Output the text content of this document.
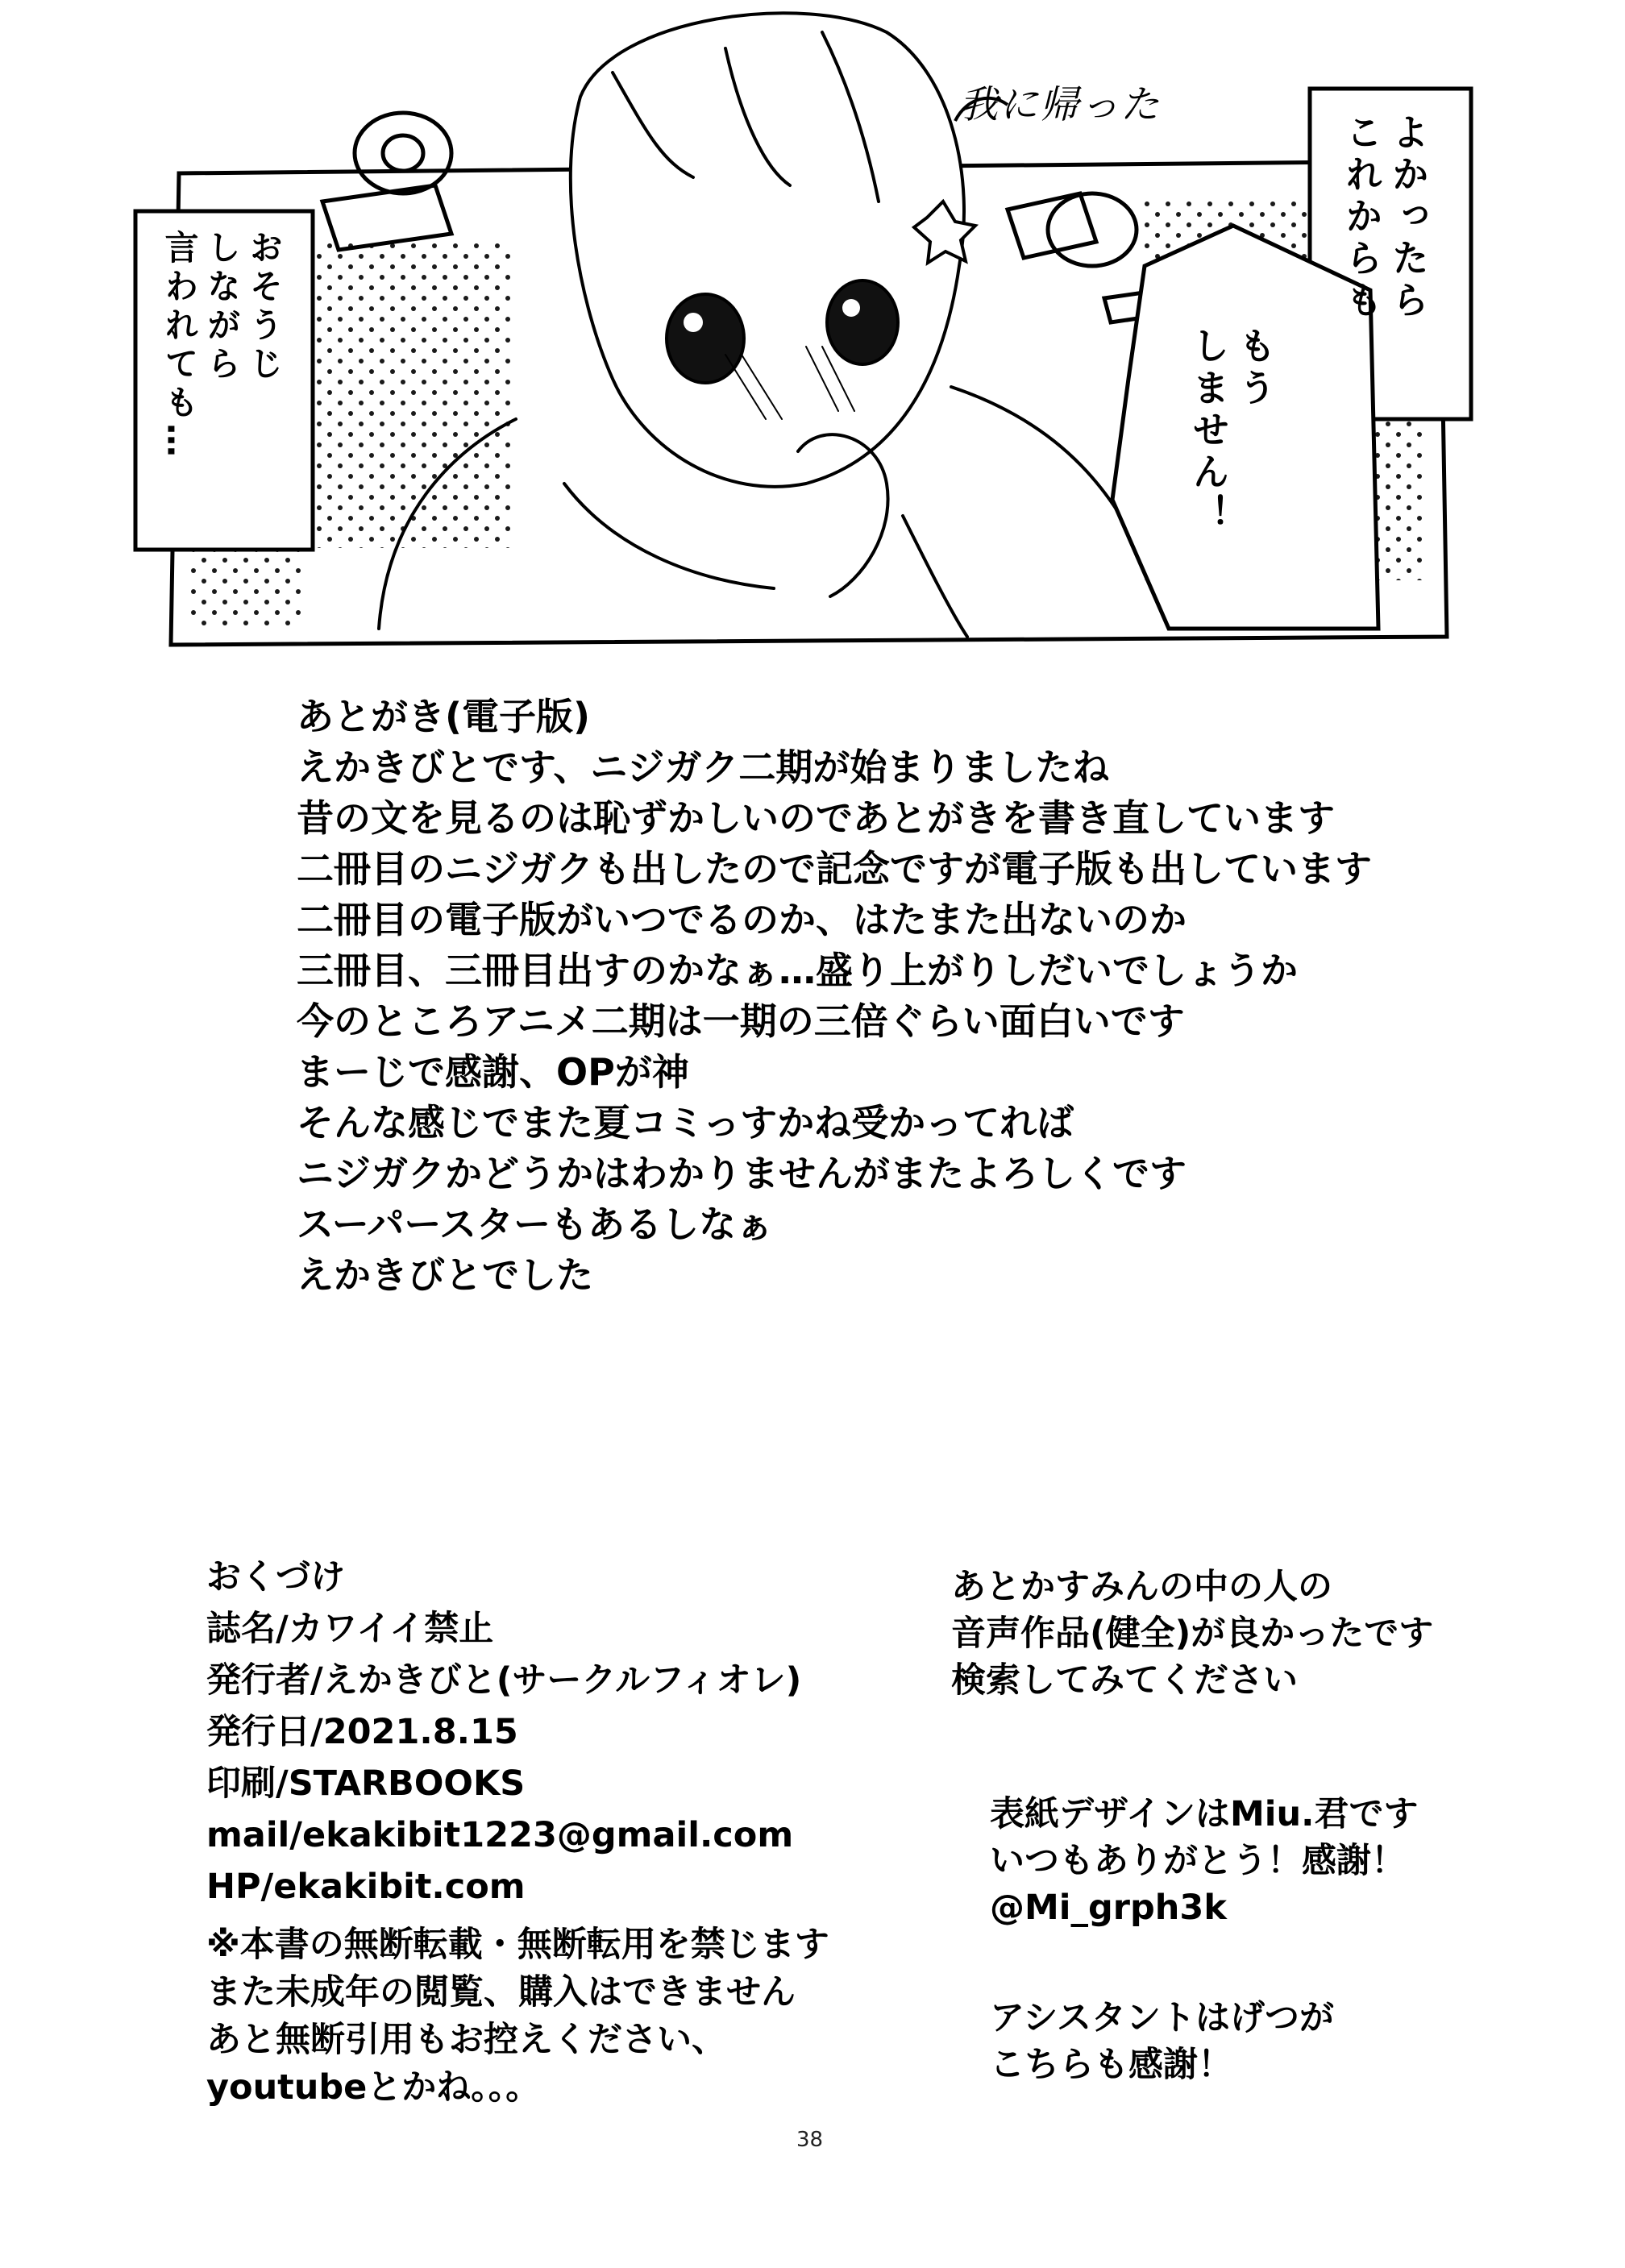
我に帰った
おそうじ
しながら
言われても…
よかったら
これからも
もう
しません！
あとがき(電子版)
えかきびとです、ニジガク二期が始まりましたね
昔の文を見るのは恥ずかしいのであとがきを書き直しています
二冊目のニジガクも出したので記念ですが電子版も出しています
二冊目の電子版がいつでるのか、はたまた出ないのか
三冊目、三冊目出すのかなぁ…盛り上がりしだいでしょうか
今のところアニメ二期は一期の三倍ぐらい面白いです
まーじで感謝、OPが神
そんな感じでまた夏コミっすかね受かってれば
ニジガクかどうかはわかりませんがまたよろしくです
スーパースターもあるしなぁ
えかきびとでした
おくづけ
誌名/カワイイ禁止
発行者/えかきびと(サークルフィオレ)
発行日/2021.8.15
印刷/STARBOOKS
mail/ekakibit1223@gmail.com
HP/ekakibit.com
※本書の無断転載・無断転用を禁じます
また未成年の閲覧、購入はできません
あと無断引用もお控えください、
youtubeとかね。。。
あとかすみんの中の人の
音声作品(健全)が良かったです
検索してみてください
表紙デザインはMiu.君です
いつもありがとう！感謝！
@Mi_grph3k
アシスタントはげつが
こちらも感謝！
38
